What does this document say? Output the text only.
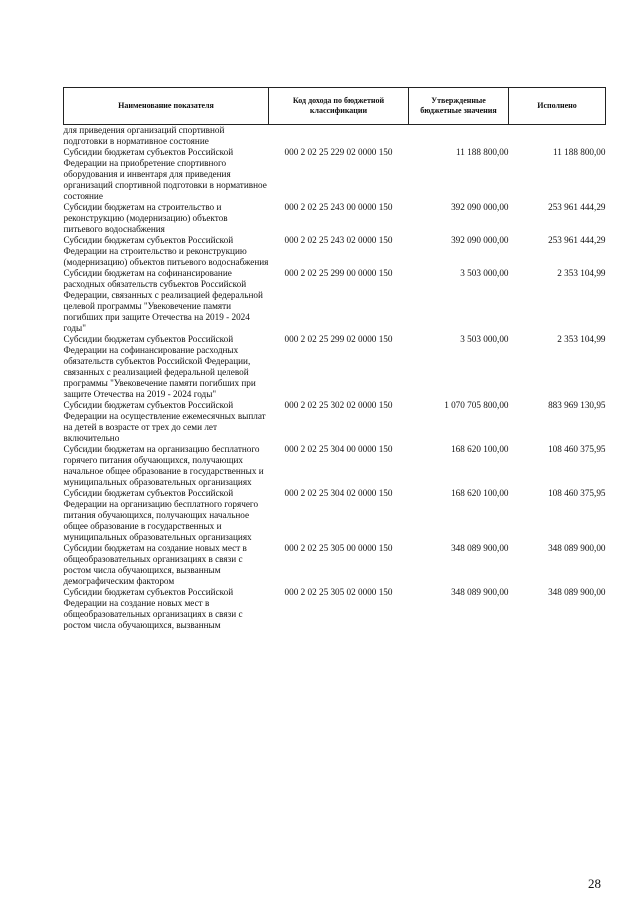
Наименование показателя	Код дохода по бюджетной классификации	Утвержденные бюджетные значения	Исполнено
для приведения организаций спортивной подготовки в нормативное состояние			
Субсидии бюджетам субъектов Российской Федерации на приобретение спортивного оборудования и инвентаря для приведения организаций спортивной подготовки в нормативное состояние	000 2 02 25 229 02 0000 150	11 188 800,00	11 188 800,00
Субсидии бюджетам на строительство и реконструкцию (модернизацию) объектов питьевого водоснабжения	000 2 02 25 243 00 0000 150	392 090 000,00	253 961 444,29
Субсидии бюджетам субъектов Российской Федерации на строительство и реконструкцию (модернизацию) объектов питьевого водоснабжения	000 2 02 25 243 02 0000 150	392 090 000,00	253 961 444,29
Субсидии бюджетам на софинансирование расходных обязательств субъектов Российской Федерации, связанных с реализацией федеральной целевой программы "Увековечение памяти погибших при защите Отечества на 2019 - 2024 годы"	000 2 02 25 299 00 0000 150	3 503 000,00	2 353 104,99
Субсидии бюджетам субъектов Российской Федерации на софинансирование расходных обязательств субъектов Российской Федерации, связанных с реализацией федеральной целевой программы "Увековечение памяти погибших при защите Отечества на 2019 - 2024 годы"	000 2 02 25 299 02 0000 150	3 503 000,00	2 353 104,99
Субсидии бюджетам субъектов Российской Федерации на осуществление ежемесячных выплат на детей в возрасте от трех до семи лет включительно	000 2 02 25 302 02 0000 150	1 070 705 800,00	883 969 130,95
Субсидии бюджетам на организацию бесплатного горячего питания обучающихся, получающих начальное общее образование в государственных и муниципальных образовательных организациях	000 2 02 25 304 00 0000 150	168 620 100,00	108 460 375,95
Субсидии бюджетам субъектов Российской Федерации на организацию бесплатного горячего питания обучающихся, получающих начальное общее образование в государственных и муниципальных образовательных организациях	000 2 02 25 304 02 0000 150	168 620 100,00	108 460 375,95
Субсидии бюджетам на создание новых мест в общеобразовательных организациях в связи с ростом числа обучающихся, вызванным демографическим фактором	000 2 02 25 305 00 0000 150	348 089 900,00	348 089 900,00
Субсидии бюджетам субъектов Российской Федерации на создание новых мест в общеобразовательных организациях в связи с ростом числа обучающихся, вызванным	000 2 02 25 305 02 0000 150	348 089 900,00	348 089 900,00
28
